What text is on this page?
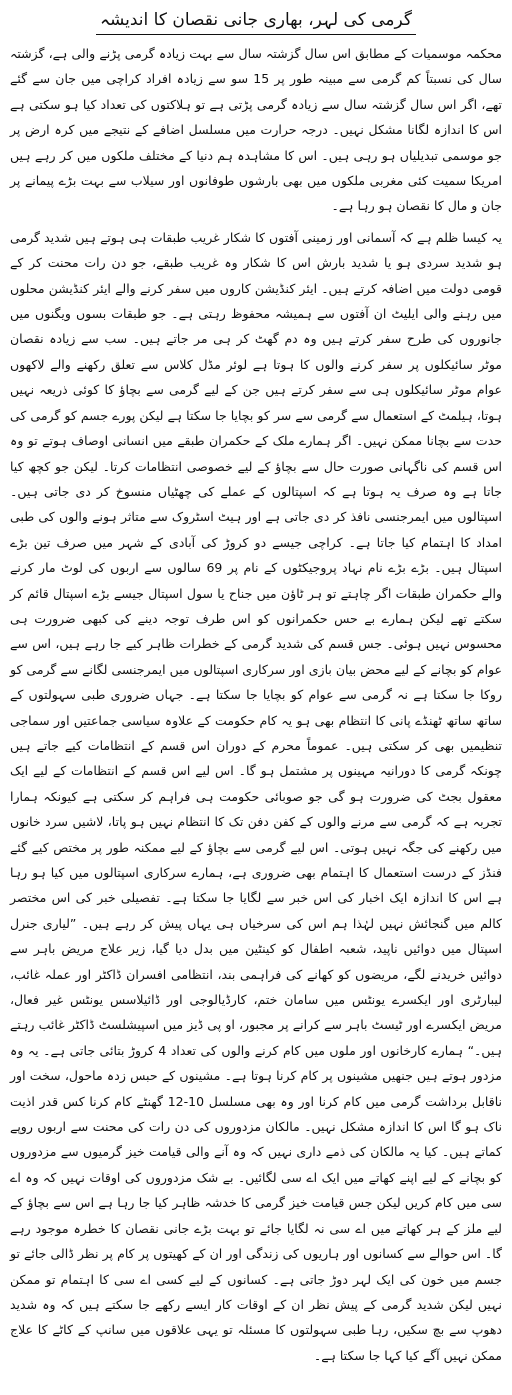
گرمی کی لہر، بھاری جانی نقصان کا اندیشہ

محکمہ موسمیات کے مطابق اس سال گزشتہ سال سے بہت زیادہ گرمی پڑنے والی ہے، گزشتہ سال کی نسبتاً کم گرمی سے مبینہ طور پر 15 سو سے زیادہ افراد کراچی میں جان سے گئے تھے، اگر اس سال گزشتہ سال سے زیادہ گرمی پڑتی ہے تو ہلاکتوں کی تعداد کیا ہو سکتی ہے اس کا اندازہ لگانا مشکل نہیں۔ درجہ حرارت میں مسلسل اضافے کے نتیجے میں کرہ ارض پر جو موسمی تبدیلیاں ہو رہی ہیں۔ اس کا مشاہدہ ہم دنیا کے مختلف ملکوں میں کر رہے ہیں امریکا سمیت کئی مغربی ملکوں میں بھی بارشوں طوفانوں اور سیلاب سے بہت بڑے پیمانے پر جان و مال کا نقصان ہو رہا ہے۔

یہ کیسا ظلم ہے کہ آسمانی اور زمینی آفتوں کا شکار غریب طبقات ہی ہوتے ہیں شدید گرمی ہو شدید سردی ہو یا شدید بارش اس کا شکار وہ غریب طبقے، جو دن رات محنت کر کے قومی دولت میں اضافہ کرتے ہیں۔ ایئر کنڈیشن کاروں میں سفر کرنے والے ایئر کنڈیشن محلوں میں رہنے والی ایلیٹ ان آفتوں سے ہمیشہ محفوظ رہتی ہے۔ جو طبقات بسوں ویگنوں میں جانوروں کی طرح سفر کرتے ہیں وہ دم گھٹ کر ہی مر جاتے ہیں۔ سب سے زیادہ نقصان موٹر سائیکلوں پر سفر کرنے والوں کا ہوتا ہے لوئر مڈل کلاس سے تعلق رکھنے والے لاکھوں عوام موٹر سائیکلوں ہی سے سفر کرتے ہیں جن کے لیے گرمی سے بچاؤ کا کوئی ذریعہ نہیں ہوتا، ہیلمٹ کے استعمال سے گرمی سے سر کو بچایا جا سکتا ہے لیکن پورے جسم کو گرمی کی حدت سے بچانا ممکن نہیں۔ اگر ہمارے ملک کے حکمران طبقے میں انسانی اوصاف ہوتے تو وہ اس قسم کی ناگہانی صورت حال سے بچاؤ کے لیے خصوصی انتظامات کرتا۔ لیکن جو کچھ کیا جاتا ہے وہ صرف یہ ہوتا ہے کہ اسپتالوں کے عملے کی چھٹیاں منسوخ کر دی جاتی ہیں۔ اسپتالوں میں ایمرجنسی نافذ کر دی جاتی ہے اور ہیٹ اسٹروک سے متاثر ہونے والوں کی طبی امداد کا اہتمام کیا جاتا ہے۔ کراچی جیسے دو کروڑ کی آبادی کے شہر میں صرف تین بڑے اسپتال ہیں۔ بڑے بڑے نام نہاد پروجیکٹوں کے نام پر 69 سالوں سے اربوں کی لوٹ مار کرنے والے حکمران طبقات اگر چاہتے تو ہر ٹاؤن میں جناح یا سول اسپتال جیسے بڑے اسپتال قائم کر سکتے تھے لیکن ہمارے بے حس حکمرانوں کو اس طرف توجہ دینے کی کبھی ضرورت ہی محسوس نہیں ہوئی۔ جس قسم کی شدید گرمی کے خطرات ظاہر کیے جا رہے ہیں، اس سے عوام کو بچانے کے لیے محض بیان بازی اور سرکاری اسپتالوں میں ایمرجنسی لگانے سے گرمی کو روکا جا سکتا ہے نہ گرمی سے عوام کو بچایا جا سکتا ہے۔ جہاں ضروری طبی سہولتوں کے ساتھ ساتھ ٹھنڈے پانی کا انتظام بھی ہو یہ کام حکومت کے علاوہ سیاسی جماعتیں اور سماجی تنظیمیں بھی کر سکتی ہیں۔ عموماً محرم کے دوران اس قسم کے انتظامات کیے جاتے ہیں چونکہ گرمی کا دورانیہ مہینوں پر مشتمل ہو گا۔ اس لیے اس قسم کے انتظامات کے لیے ایک معقول بجٹ کی ضرورت ہو گی جو صوبائی حکومت ہی فراہم کر سکتی ہے کیونکہ ہمارا تجربہ ہے کہ گرمی سے مرنے والوں کے کفن دفن تک کا انتظام نہیں ہو پاتا، لاشیں سرد خانوں میں رکھنے کی جگہ نہیں ہوتی۔ اس لیے گرمی سے بچاؤ کے لیے ممکنہ طور پر مختص کیے گئے فنڈز کے درست استعمال کا اہتمام بھی ضروری ہے، ہمارے سرکاری اسپتالوں میں کیا ہو رہا ہے اس کا اندازہ ایک اخبار کی اس خبر سے لگایا جا سکتا ہے۔ تفصیلی خبر کی اس مختصر کالم میں گنجائش نہیں لہٰذا ہم اس کی سرخیاں ہی یہاں پیش کر رہے ہیں۔ ”لیاری جنرل اسپتال میں دوائیں ناپید، شعبہ اطفال کو کینٹین میں بدل دیا گیا، زیر علاج مریض باہر سے دوائیں خریدنے لگے، مریضوں کو کھانے کی فراہمی بند، انتظامی افسران ڈاکٹر اور عملہ غائب، لیبارٹری اور ایکسرے یونٹس میں سامان ختم، کارڈیالوجی اور ڈائیلاسس یونٹس غیر فعال، مریض ایکسرے اور ٹیسٹ باہر سے کرانے پر مجبور، او پی ڈیز میں اسپیشلسٹ ڈاکٹر غائب رہتے ہیں۔“ ہمارے کارخانوں اور ملوں میں کام کرنے والوں کی تعداد 4 کروڑ بتائی جاتی ہے۔ یہ وہ مزدور ہوتے ہیں جنھیں مشینوں پر کام کرنا ہوتا ہے۔ مشینوں کے حبس زدہ ماحول، سخت اور ناقابل برداشت گرمی میں کام کرنا اور وہ بھی مسلسل 10-12 گھنٹے کام کرنا کس قدر اذیت ناک ہو گا اس کا اندازہ مشکل نہیں۔ مالکان مزدوروں کی دن رات کی محنت سے اربوں روپے کماتے ہیں۔ کیا یہ مالکان کی ذمے داری نہیں کہ وہ آنے والی قیامت خیز گرمیوں سے مزدوروں کو بچانے کے لیے اپنے کھاتے میں ایک اے سی لگائیں۔ بے شک مزدوروں کی اوقات نہیں کہ وہ اے سی میں کام کریں لیکن جس قیامت خیز گرمی کا خدشہ ظاہر کیا جا رہا ہے اس سے بچاؤ کے لیے ملز کے ہر کھاتے میں اے سی نہ لگایا جائے تو بہت بڑے جانی نقصان کا خطرہ موجود رہے گا۔ اس حوالے سے کسانوں اور ہاریوں کی زندگی اور ان کے کھیتوں پر کام پر نظر ڈالی جائے تو جسم میں خون کی ایک لہر دوڑ جاتی ہے۔ کسانوں کے لیے کسی اے سی کا اہتمام تو ممکن نہیں لیکن شدید گرمی کے پیش نظر ان کے اوقات کار ایسے رکھے جا سکتے ہیں کہ وہ شدید دھوپ سے بچ سکیں، رہا طبی سہولتوں کا مسئلہ تو یہی علاقوں میں سانپ کے کاٹے کا علاج ممکن نہیں آگے کیا کہا جا سکتا ہے۔
